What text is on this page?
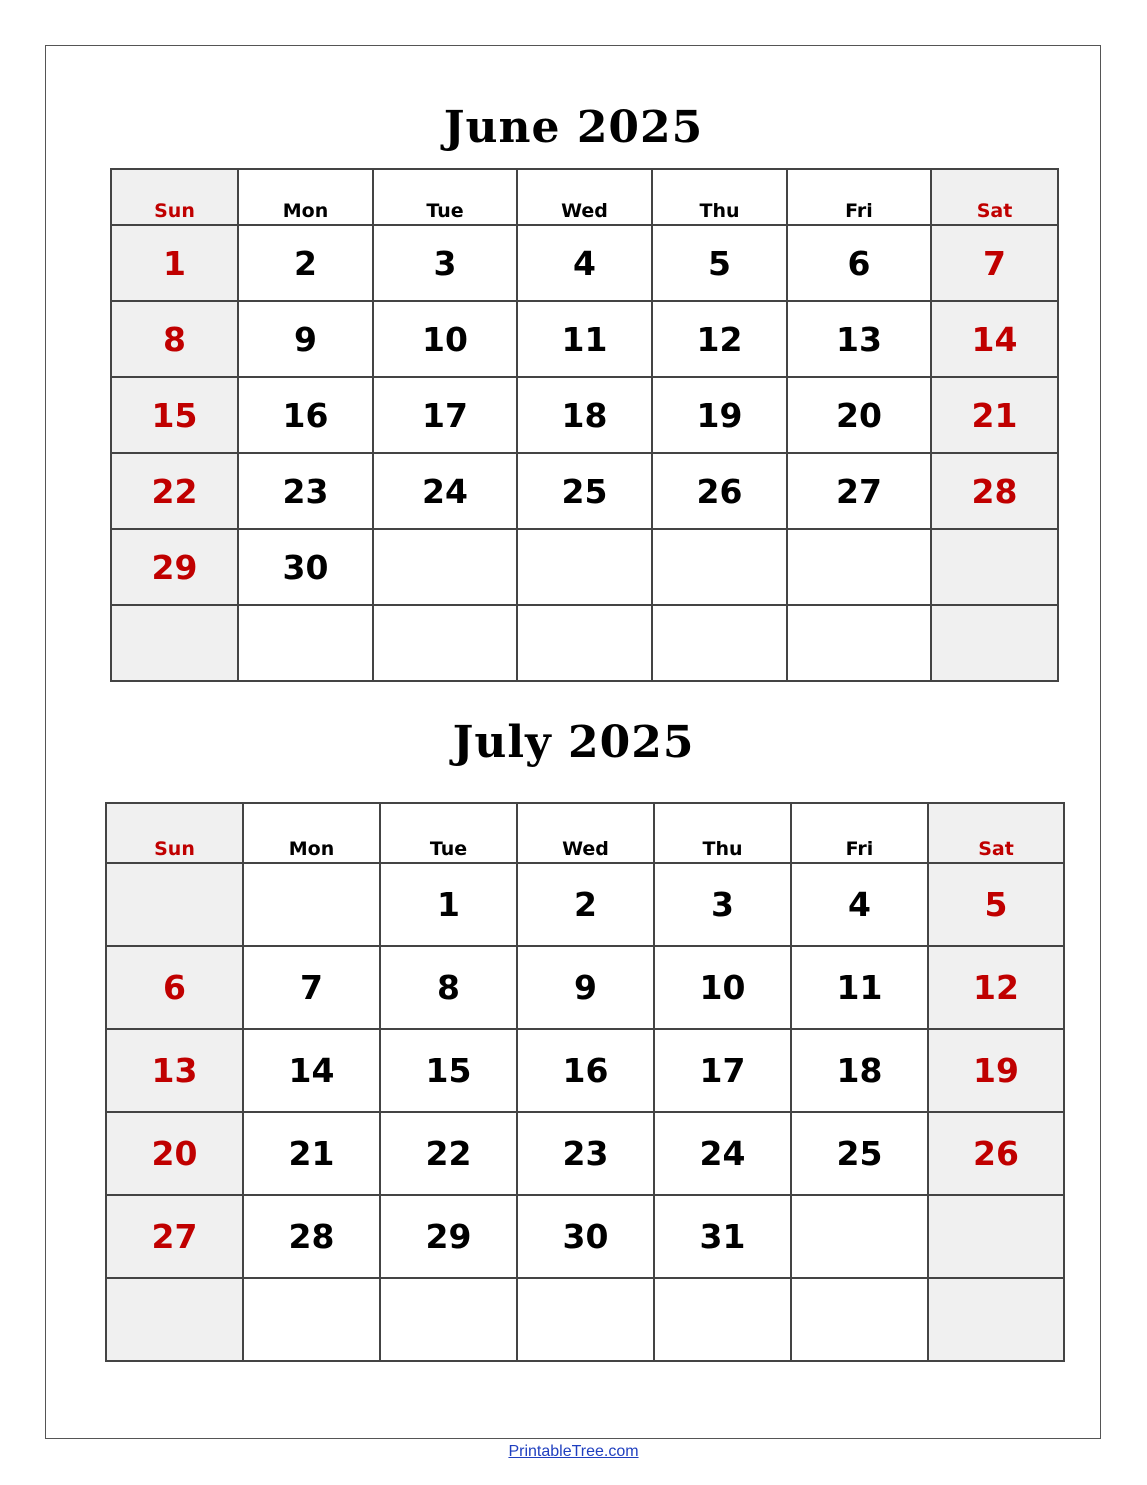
June 2025
Sun	Mon	Tue	Wed	Thu	Fri	Sat
1	2	3	4	5	6	7
8	9	10	11	12	13	14
15	16	17	18	19	20	21
22	23	24	25	26	27	28
29	30					

July 2025
Sun	Mon	Tue	Wed	Thu	Fri	Sat
		1	2	3	4	5
6	7	8	9	10	11	12
13	14	15	16	17	18	19
20	21	22	23	24	25	26
27	28	29	30	31		

PrintableTree.com
